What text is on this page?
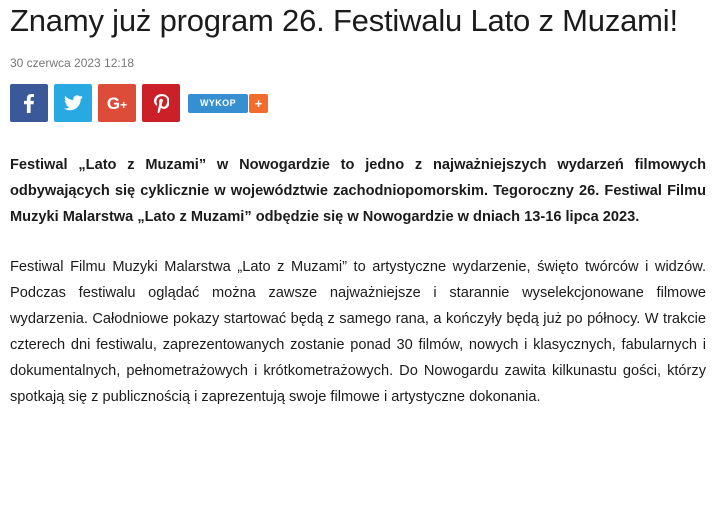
Znamy już program 26. Festiwalu Lato z Muzami!
30 czerwca 2023 12:18
G+	WYKOP	+

Festiwal „Lato z Muzami” w Nowogardzie to jedno z najważniejszych wydarzeń filmowych odbywających się cyklicznie w województwie zachodniopomorskim. Tegoroczny 26. Festiwal Filmu Muzyki Malarstwa „Lato z Muzami” odbędzie się w Nowogardzie w dniach 13-16 lipca 2023.

Festiwal Filmu Muzyki Malarstwa „Lato z Muzami” to artystyczne wydarzenie, święto twórców i widzów. Podczas festiwalu oglądać można zawsze najważniejsze i starannie wyselekcjonowane filmowe wydarzenia. Całodniowe pokazy startować będą z samego rana, a kończyły będą już po północy. W trakcie czterech dni festiwalu, zaprezentowanych zostanie ponad 30 filmów, nowych i klasycznych, fabularnych i dokumentalnych, pełnometrażowych i krótkometrażowych. Do Nowogardu zawita kilkunastu gości, którzy spotkają się z publicznością i zaprezentują swoje filmowe i artystyczne dokonania.
